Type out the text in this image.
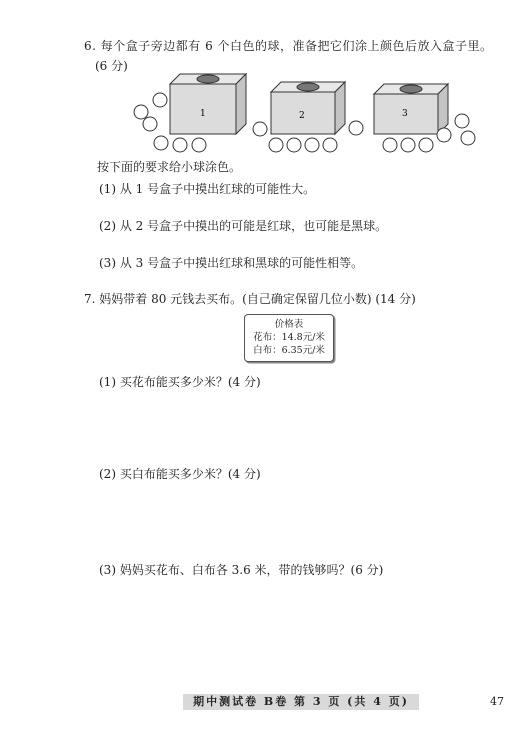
6. 每个盒子旁边都有 6 个白色的球，准备把它们涂上颜色后放入盒子里。
(6 分)
1	2	3
按下面的要求给小球涂色。
(1) 从 1 号盒子中摸出红球的可能性大。
(2) 从 2 号盒子中摸出的可能是红球，也可能是黑球。
(3) 从 3 号盒子中摸出红球和黑球的可能性相等。
7. 妈妈带着 80 元钱去买布。(自己确定保留几位小数) (14 分)
价格表
花布：14.8元/米
白布：6.35元/米
(1) 买花布能买多少米？(4 分)
(2) 买白布能买多少米？(4 分)
(3) 妈妈买花布、白布各 3.6 米，带的钱够吗？(6 分)
期中测试卷 B卷 第 3 页 (共 4 页)	47
